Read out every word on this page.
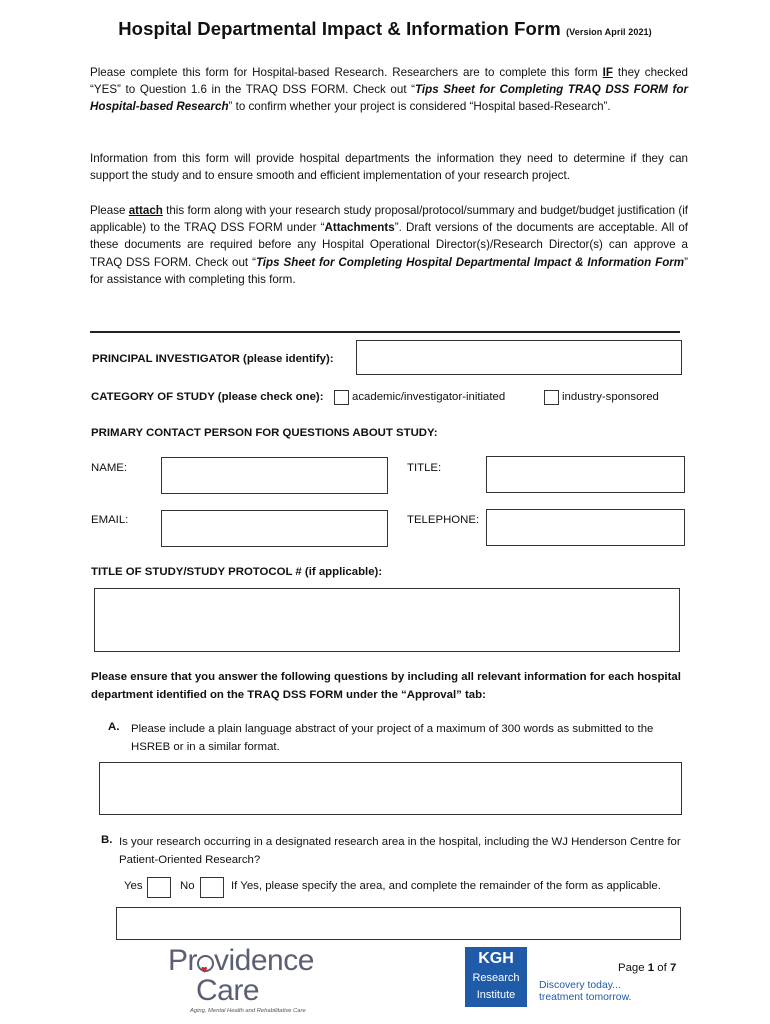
Hospital Departmental Impact & Information Form (Version April 2021)
Please complete this form for Hospital-based Research. Researchers are to complete this form IF they checked “YES” to Question 1.6 in the TRAQ DSS FORM. Check out “Tips Sheet for Completing TRAQ DSS FORM for Hospital-based Research” to confirm whether your project is considered “Hospital based-Research”.
Information from this form will provide hospital departments the information they need to determine if they can support the study and to ensure smooth and efficient implementation of your research project.
Please attach this form along with your research study proposal/protocol/summary and budget/budget justification (if applicable) to the TRAQ DSS FORM under “Attachments”. Draft versions of the documents are acceptable. All of these documents are required before any Hospital Operational Director(s)/Research Director(s) can approve a TRAQ DSS FORM. Check out “Tips Sheet for Completing Hospital Departmental Impact & Information Form” for assistance with completing this form.
PRINCIPAL INVESTIGATOR (please identify):
CATEGORY OF STUDY (please check one): academic/investigator-initiated	industry-sponsored
PRIMARY CONTACT PERSON FOR QUESTIONS ABOUT STUDY:
NAME:	TITLE:
EMAIL:	TELEPHONE:
TITLE OF STUDY/STUDY PROTOCOL # (if applicable):
Please ensure that you answer the following questions by including all relevant information for each hospital department identified on the TRAQ DSS FORM under the “Approval” tab:
A. Please include a plain language abstract of your project of a maximum of 300 words as submitted to the HSREB or in a similar format.
B. Is your research occurring in a designated research area in the hospital, including the WJ Henderson Centre for Patient-Oriented Research?
Yes	No	If Yes, please specify the area, and complete the remainder of the form as applicable.
Pr ♥ vidence
Care
Aging, Mental Health and Rehabilitative Care
KGH
Research
Institute
Discovery today...
treatment tomorrow.
Page 1 of 7
